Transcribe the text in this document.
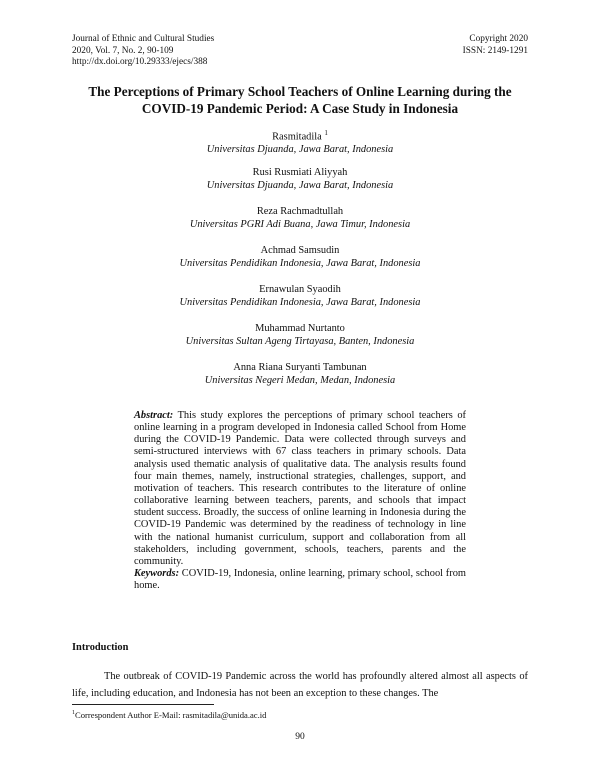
Journal of Ethnic and Cultural Studies
2020, Vol. 7, No. 2, 90-109
http://dx.doi.org/10.29333/ejecs/388
Copyright 2020
ISSN: 2149-1291
The Perceptions of Primary School Teachers of Online Learning during the
COVID-19 Pandemic Period: A Case Study in Indonesia
Rasmitadila $^1$
Universitas Djuanda, Jawa Barat, Indonesia
Rusi Rusmiati Aliyyah
Universitas Djuanda, Jawa Barat, Indonesia
Reza Rachmadtullah
Universitas PGRI Adi Buana, Jawa Timur, Indonesia
Achmad Samsudin
Universitas Pendidikan Indonesia, Jawa Barat, Indonesia
Ernawulan Syaodih
Universitas Pendidikan Indonesia, Jawa Barat, Indonesia
Muhammad Nurtanto
Universitas Sultan Ageng Tirtayasa, Banten, Indonesia
Anna Riana Suryanti Tambunan
Universitas Negeri Medan, Medan, Indonesia
Abstract: This study explores the perceptions of primary school teachers of online learning in a program developed in Indonesia called School from Home during the COVID-19 Pandemic. Data were collected through surveys and semi-structured interviews with 67 class teachers in primary schools. Data analysis used thematic analysis of qualitative data. The analysis results found four main themes, namely, instructional strategies, challenges, support, and motivation of teachers. This research contributes to the literature of online collaborative learning between teachers, parents, and schools that impact student success. Broadly, the success of online learning in Indonesia during the COVID-19 Pandemic was determined by the readiness of technology in line with the national humanist curriculum, support and collaboration from all stakeholders, including government, schools, teachers, parents and the community.
Keywords: COVID-19, Indonesia, online learning, primary school, school from home.
Introduction
The outbreak of COVID-19 Pandemic across the world has profoundly altered almost all aspects of life, including education, and Indonesia has not been an exception to these changes. The
$^1$Correspondent Author E-Mail: rasmitadila@unida.ac.id
90
